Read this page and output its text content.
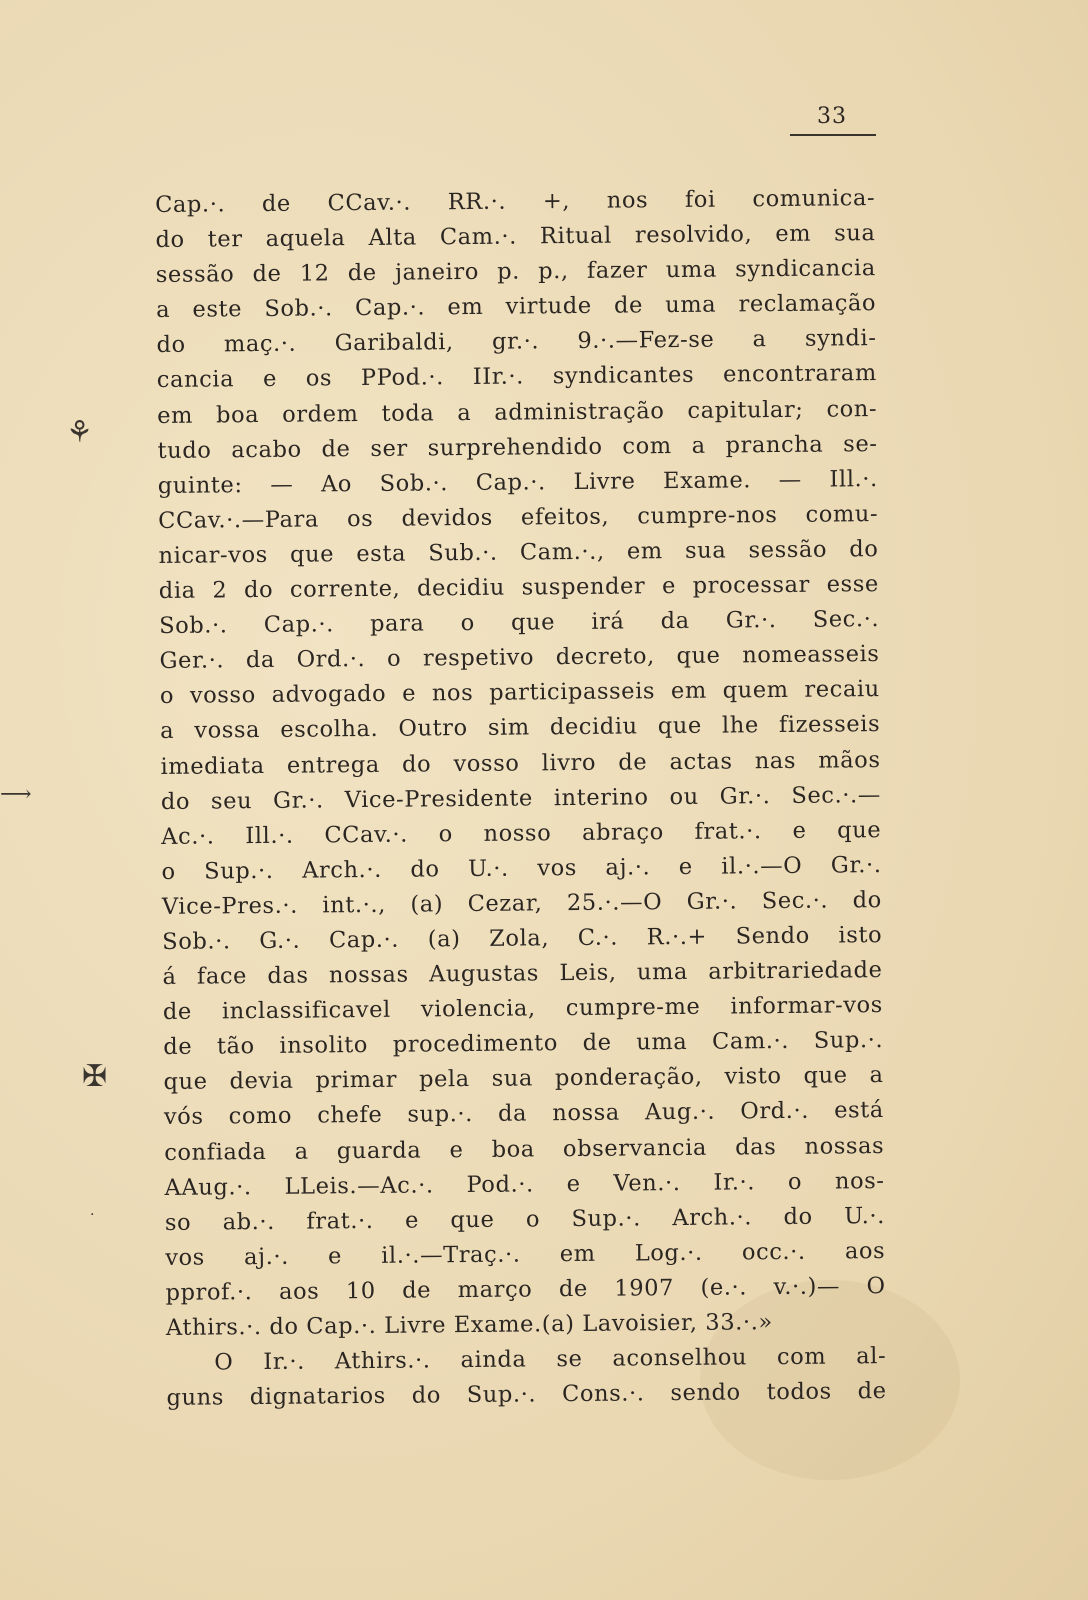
33
⚘
⟶
✠
·
Cap.·. de CCav.·. RR.·. +, nos foi comunica-
do ter aquela Alta Cam.·. Ritual resolvido, em sua
sessão de 12 de janeiro p. p., fazer uma syndicancia
a este Sob.·. Cap.·. em virtude de uma reclamação
do maç.·. Garibaldi, gr.·. 9.·.—Fez-se a syndi-
cancia e os PPod.·. IIr.·. syndicantes encontraram
em boa ordem toda a administração capitular; con-
tudo acabo de ser surprehendido com a prancha se-
guinte: — Ao Sob.·. Cap.·. Livre Exame. — Ill.·.
CCav.·.—Para os devidos efeitos, cumpre-nos comu-
nicar-vos que esta Sub.·. Cam.·., em sua sessão do
dia 2 do corrente, decidiu suspender e processar esse
Sob.·. Cap.·. para o que irá da Gr.·. Sec.·.
Ger.·. da Ord.·. o respetivo decreto, que nomeasseis
o vosso advogado e nos participasseis em quem recaiu
a vossa escolha. Outro sim decidiu que lhe fizesseis
imediata entrega do vosso livro de actas nas mãos
do seu Gr.·. Vice-Presidente interino ou Gr.·. Sec.·.—
Ac.·. Ill.·. CCav.·. o nosso abraço frat.·. e que
o Sup.·. Arch.·. do U.·. vos aj.·. e il.·.—O Gr.·.
Vice-Pres.·. int.·., (a) Cezar, 25.·.—O Gr.·. Sec.·. do
Sob.·. G.·. Cap.·. (a) Zola, C.·. R.·.+ Sendo isto
á face das nossas Augustas Leis, uma arbitrariedade
de inclassificavel violencia, cumpre-me informar-vos
de tão insolito procedimento de uma Cam.·. Sup.·.
que devia primar pela sua ponderação, visto que a
vós como chefe sup.·. da nossa Aug.·. Ord.·. está
confiada a guarda e boa observancia das nossas
AAug.·. LLeis.—Ac.·. Pod.·. e Ven.·. Ir.·. o nos-
so ab.·. frat.·. e que o Sup.·. Arch.·. do U.·.
vos aj.·. e il.·.—Traç.·. em Log.·. occ.·. aos
pprof.·. aos 10 de março de 1907 (e.·. v.·.)— O
Athirs.·. do Cap.·. Livre Exame.(a) Lavoisier, 33.·.»
O Ir.·. Athirs.·. ainda se aconselhou com al-
guns dignatarios do Sup.·. Cons.·. sendo todos de
